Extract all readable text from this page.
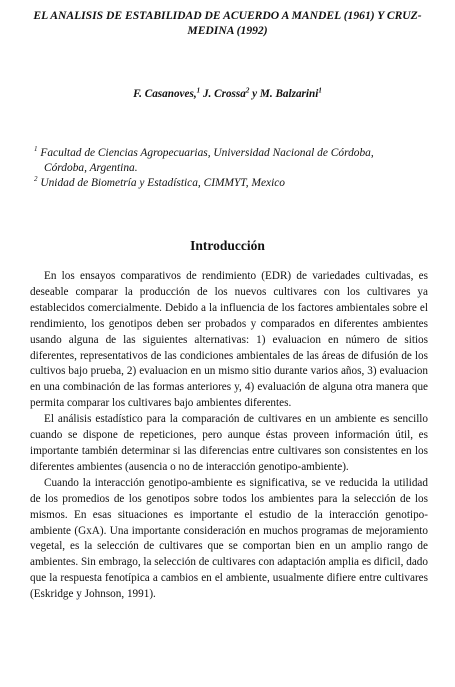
EL ANALISIS DE ESTABILIDAD DE ACUERDO A MANDEL (1961) Y CRUZ-MEDINA (1992)
F. Casanoves,$^1$ J. Crossa$^2$ y M. Balzarini$^1$

$^1$ Facultad de Ciencias Agropecuarias, Universidad Nacional de Córdoba,
Córdoba, Argentina.

$^2$ Unidad de Biometría y Estadística, CIMMYT, Mexico

Introducción

En los ensayos comparativos de rendimiento (EDR) de variedades cultivadas, es deseable comparar la producción de los nuevos cultivares con los cultivares ya establecidos comercialmente. Debido a la influencia de los factores ambientales sobre el rendimiento, los genotipos deben ser probados y comparados en diferentes ambientes usando alguna de las siguientes alternativas: 1) evaluacion en número de sitios diferentes, representativos de las condiciones ambientales de las áreas de difusión de los cultivos bajo prueba, 2) evaluacion en un mismo sitio durante varios años, 3) evaluacion en una combinación de las formas anteriores y, 4) evaluación de alguna otra manera que permita comparar los cultivares bajo ambientes diferentes.

El análisis estadístico para la comparación de cultivares en un ambiente es sencillo cuando se dispone de repeticiones, pero aunque éstas proveen información útil, es importante también determinar si las diferencias entre cultivares son consistentes en los diferentes ambientes (ausencia o no de interacción genotipo-ambiente).

Cuando la interacción genotipo-ambiente es significativa, se ve reducida la utilidad de los promedios de los genotipos sobre todos los ambientes para la selección de los mismos. En esas situaciones es importante el estudio de la interacción genotipo-ambiente (GxA). Una importante consideración en muchos programas de mejoramiento vegetal, es la selección de cultivares que se comportan bien en un amplio rango de ambientes. Sin embrago, la selección de cultivares con adaptación amplia es dificil, dado que la respuesta fenotípica a cambios en el ambiente, usualmente difiere entre cultivares (Eskridge y Johnson, 1991).
